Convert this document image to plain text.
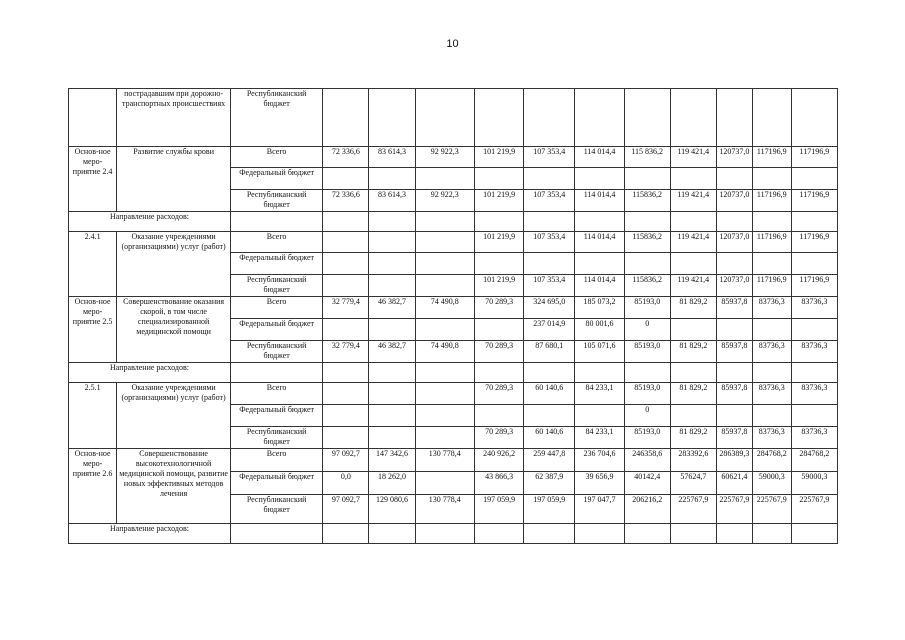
10
	пострадавшим при дорожно-транспортных происшествиях	Республиканский бюджет											
Основ-ное меро-приятие 2.4	Развитие службы крови	Всего	72 336,6	83 614,3	92 922,3	101 219,9	107 353,4	114 014,4	115 836,2	119 421,4	120737,0	117196,9	117196,9
		Федеральный бюджет											
		Республиканский бюджет	72 336,6	83 614,3	92 922,3	101 219,9	107 353,4	114 014,4	115836,2	119 421,4	120737,0	117196,9	117196,9
Направление расходов:													
2.4.1	Оказание учреждениями (организациями) услуг (работ)	Всего				101 219,9	107 353,4	114 014,4	115836,2	119 421,4	120737,0	117196,9	117196,9
		Федеральный бюджет											
		Республиканский бюджет				101 219,9	107 353,4	114 014,4	115836,2	119 421,4	120737,0	117196,9	117196,9
Основ-ное меро-приятие 2.5	Совершенствование оказания скорой, в том числе специализированной медицинской помощи	Всего	32 779,4	46 382,7	74 490,8	70 289,3	324 695,0	185 073,2	85193,0	81 829,2	85937,8	83736,3	83736,3
		Федеральный бюджет					237 014,9	80 001,6	0				
		Республиканский бюджет	32 779,4	46 382,7	74 490,8	70 289,3	87 680,1	105 071,6	85193,0	81 829,2	85937,8	83736,3	83736,3
Направление расходов:													
2.5.1	Оказание учреждениями (организациями) услуг (работ)	Всего				70 289,3	60 140,6	84 233,1	85193,0	81 829,2	85937,8	83736,3	83736,3
		Федеральный бюджет							0				
		Республиканский бюджет				70 289,3	60 140,6	84 233,1	85193,0	81 829,2	85937,8	83736,3	83736,3
Основ-ное меро-приятие 2.6	Совершенствование высокотехнологичной медицинской помощи, развитие новых эффективных методов лечения	Всего	97 092,7	147 342,6	130 778,4	240 926,2	259 447,8	236 704,6	246358,6	283392,6	286389,3	284768,2	284768,2
		Федеральный бюджет	0,0	18 262,0		43 866,3	62 387,9	39 656,9	40142,4	57624,7	60621,4	59000,3	59000,3
		Республиканский бюджет	97 092,7	129 080,6	130 778,4	197 059,9	197 059,9	197 047,7	206216,2	225767,9	225767,9	225767,9	225767,9
Направление расходов:													
